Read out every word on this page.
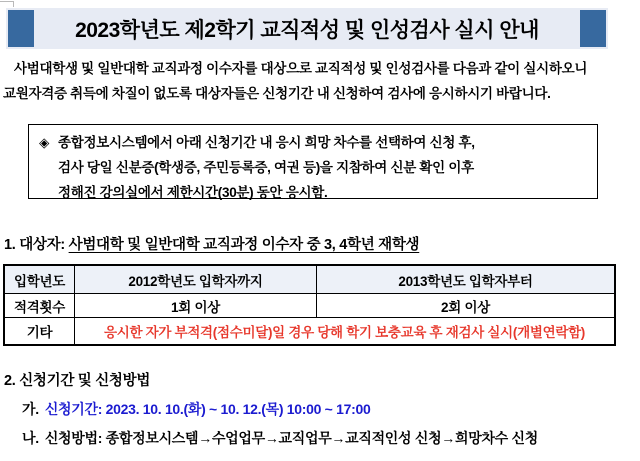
2023학년도 제2학기 교직적성 및 인성검사 실시 안내
사범대학생 및 일반대학 교직과정 이수자를 대상으로 교직적성 및 인성검사를 다음과 같이 실시하오니
교원자격증 취득에 차질이 없도록 대상자들은 신청기간 내 신청하여 검사에 응시하시기 바랍니다.
◈ 종합정보시스템에서 아래 신청기간 내 응시 희망 차수를 선택하여 신청 후,
검사 당일 신분증(학생증, 주민등록증, 여권 등)을 지참하여 신분 확인 이후
정해진 강의실에서 제한시간(30분) 동안 응시함.
1. 대상자: 사범대학 및 일반대학 교직과정 이수자 중 3, 4학년 재학생
입학년도	2012학년도 입학자까지	2013학년도 입학자부터
적격횟수	1회 이상	2회 이상
기타	응시한 자가 부적격(점수미달)일 경우 당해 학기 보충교육 후 재검사 실시(개별연락함)	
2. 신청기간 및 신청방법
가. 신청기간: 2023. 10. 10.(화) ~ 10. 12.(목) 10:00 ~ 17:00
나. 신청방법: 종합정보시스템→수업업무→교직업무→교직적인성 신청→희망차수 신청
